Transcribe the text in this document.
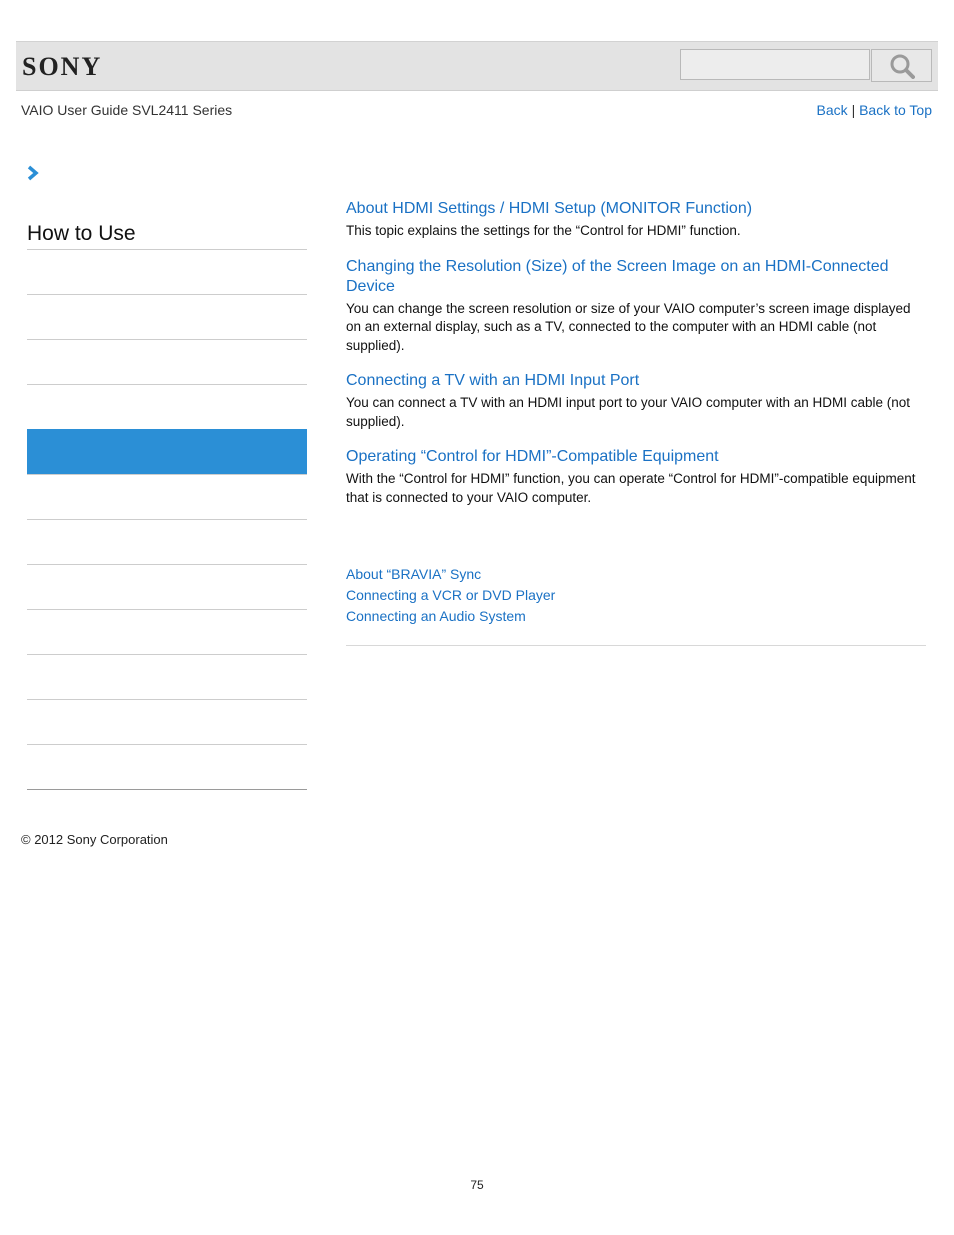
SONY
VAIO User Guide SVL2411 Series	Back | Back to Top
How to Use
About HDMI Settings / HDMI Setup (MONITOR Function)

This topic explains the settings for the “Control for HDMI” function.

Changing the Resolution (Size) of the Screen Image on an HDMI-Connected Device

You can change the screen resolution or size of your VAIO computer’s screen image displayed on an external display, such as a TV, connected to the computer with an HDMI cable (not supplied).

Connecting a TV with an HDMI Input Port

You can connect a TV with an HDMI input port to your VAIO computer with an HDMI cable (not supplied).

Operating “Control for HDMI”-Compatible Equipment

With the “Control for HDMI” function, you can operate “Control for HDMI”-compatible equipment that is connected to your VAIO computer.

About “BRAVIA” Sync
Connecting a VCR or DVD Player
Connecting an Audio System
© 2012 Sony Corporation
75
